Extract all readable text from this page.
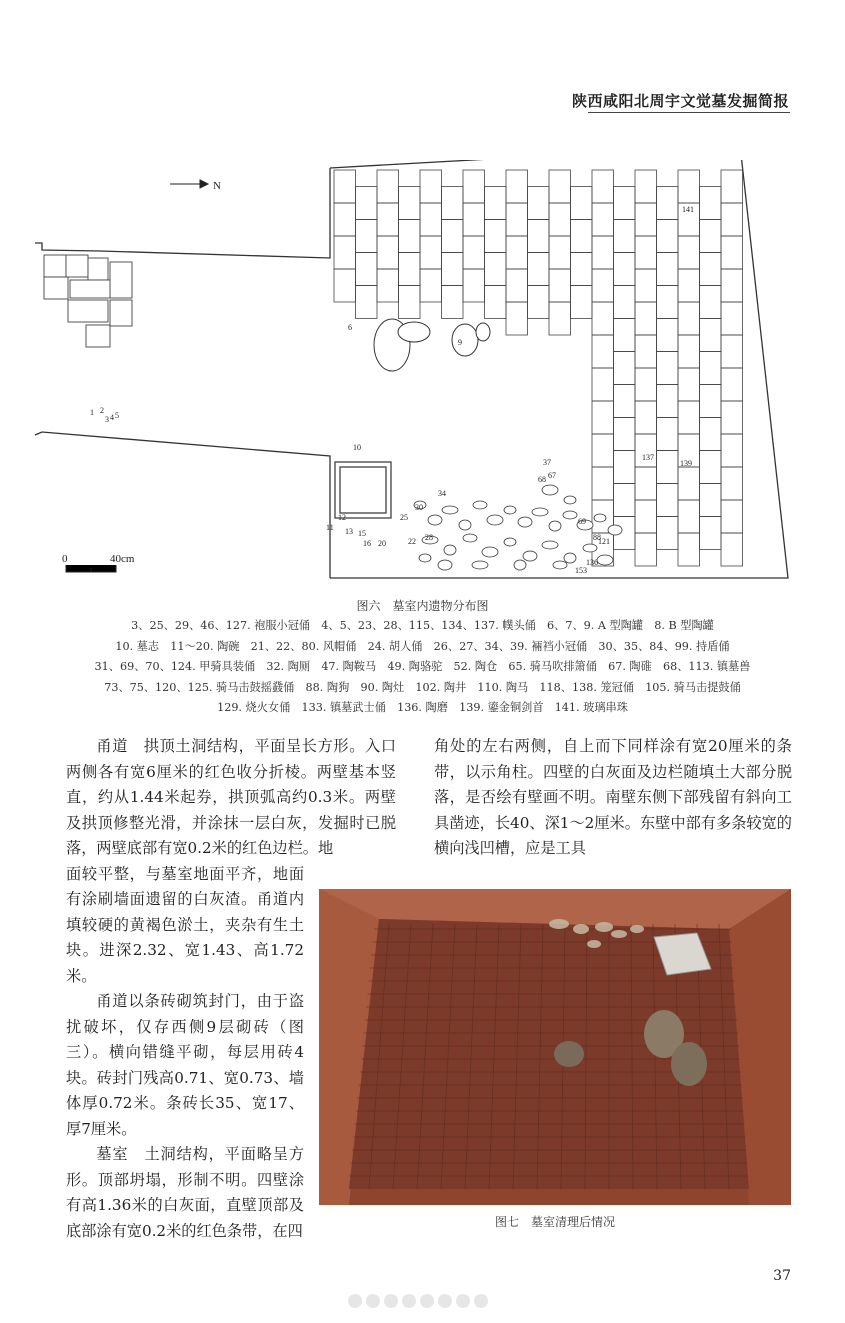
陕西咸阳北周宇文觉墓发掘简报
1 2
3 4 5
6
9
10
11
12
13 15
16 20	22
25
28
30
34
37
67
68
69
88
121
136
137
139
141
153
N
0	40cm
图六　墓室内遗物分布图
3、25、29、46、127. 袍服小冠俑　4、5、23、28、115、134、137. 幞头俑　6、7、9. A 型陶罐　8. B 型陶罐
10. 墓志　11～20. 陶碗　21、22、80. 风帽俑　24. 胡人俑　26、27、34、39. 裲裆小冠俑　30、35、84、99. 持盾俑
31、69、70、124. 甲骑具装俑　32. 陶厕　47. 陶鞍马　49. 陶骆驼　52. 陶仓　65. 骑马吹排箫俑　67. 陶碓　68、113. 镇墓兽
73、75、120、125. 骑马击鼓摇鼗俑　88. 陶狗　90. 陶灶　102. 陶井　110. 陶马　118、138. 笼冠俑　105. 骑马击提鼓俑
129. 烧火女俑　133. 镇墓武士俑　136. 陶磨　139. 鎏金铜剑首　141. 玻璃串珠

甬道　拱顶土洞结构，平面呈长方形。入口两侧各有宽6厘米的红色收分折棱。两壁基本竖直，约从1.44米起券，拱顶弧高约0.3米。两壁及拱顶修整光滑，并涂抹一层白灰，发掘时已脱落，两壁底部有宽0.2米的红色边栏。地

面较平整，与墓室地面平齐，地面有涂刷墙面遗留的白灰渣。甬道内填较硬的黄褐色淤土，夹杂有生土块。进深2.32、宽1.43、高1.72米。

甬道以条砖砌筑封门，由于盗扰破坏，仅存西侧9层砌砖（图三）。横向错缝平砌，每层用砖4块。砖封门残高0.71、宽0.73、墙体厚0.72米。条砖长35、宽17、厚7厘米。

墓室　土洞结构，平面略呈方形。顶部坍塌，形制不明。四壁涂有高1.36米的白灰面，直壁顶部及底部涂有宽0.2米的红色条带，在四

角处的左右两侧，自上而下同样涂有宽20厘米的条带，以示角柱。四壁的白灰面及边栏随填土大部分脱落，是否绘有壁画不明。南壁东侧下部残留有斜向工具凿迹，长40、深1～2厘米。东壁中部有多条较宽的横向浅凹槽，应是工具

图七　墓室清理后情况
37
